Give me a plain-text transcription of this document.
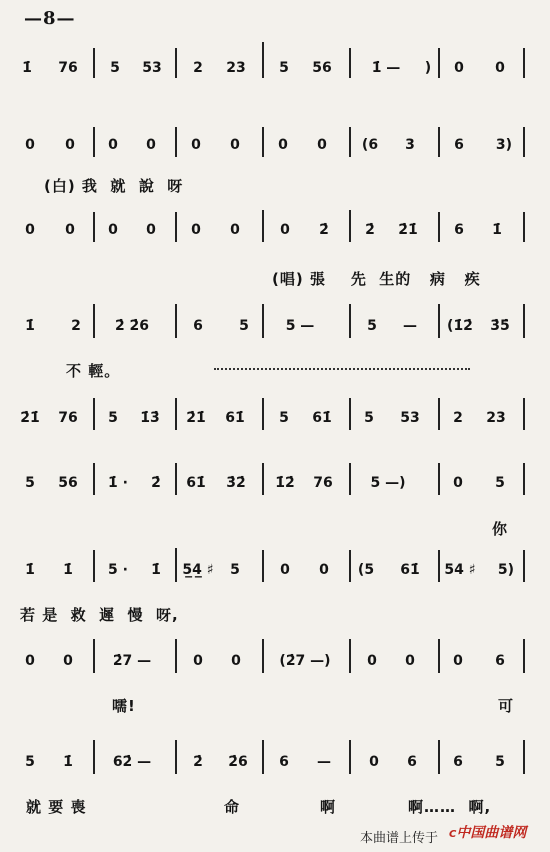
—8—
1̇	76	5	53	2	23	5	56	1̇ —	)	0	0
0	0	0	0	0	0	0	0	(6	3	6	3)
(白) 我  就  說  呀
0	0	0	0	0	0	0	2̇	2̇	2̇1̇	6	1̇
(唱) 張    先  生的   病   疾
1̇	2	2̇ 2̇6	6	5	5 —	5	—	(1̇2̇	3̇5̇
不 輕。
2̇1̇	76	5	1̇3̇	2̇1̇	61̇	5	61̇	5	53	2	23
5	56	1̇ ·	2̇	61̇	3̇2̇	1̇2̇	76	5 —)	0	5
你
1̇	1̇	5 ·	1̇	5̲4̲ ♯	5	0	0	(5	61̇	54 ♯	5)
若 是  救  遲  慢  呀,
0	0	2̇7 —	0	0	(2̇7 —)	0	0	0	6
嚅!	可
5	1̇	62̇ —	2̇	2̇6	6	—	0	6	6	5
就 要 喪	命	啊	啊……  啊,
本曲谱上传于 C中国曲谱网
